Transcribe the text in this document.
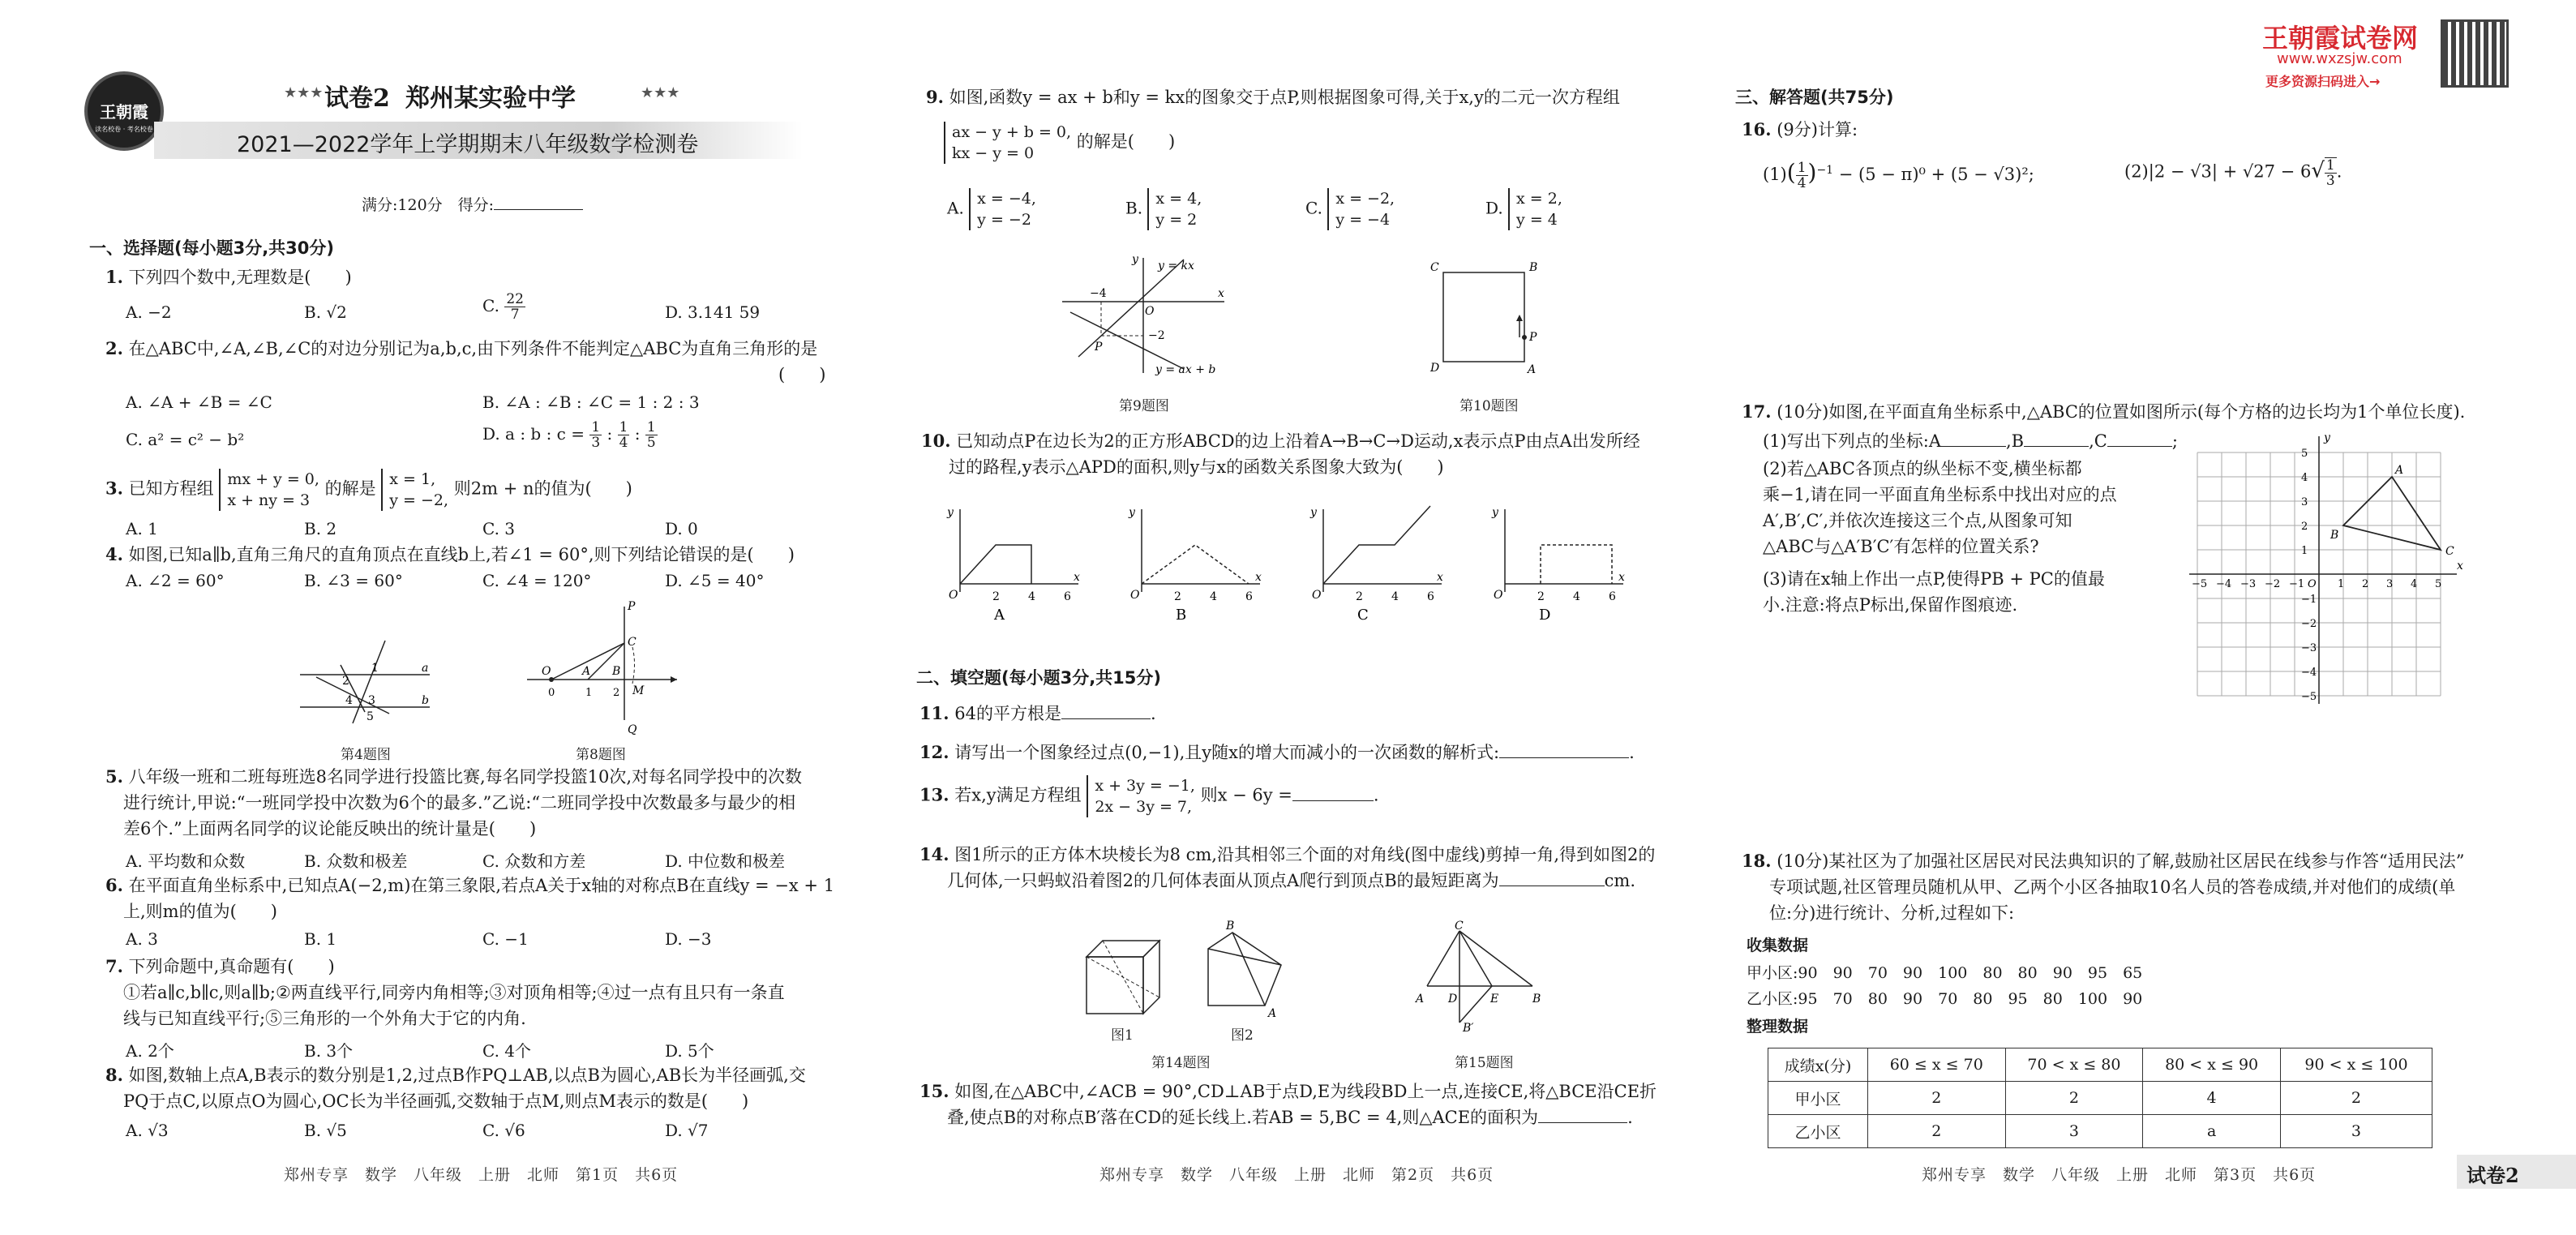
王朝霞
读名校卷 · 考名校卷
★★★ 试卷2 郑州某实验中学	★★★
2021—2022学年上学期期末八年级数学检测卷
满分:120分　得分:
一、选择题(每小题3分,共30分)
1. 下列四个数中,无理数是(　　)
A. −2	B. √2	C. $\frac{22}{7}$	D. 3.141 59
2. 在△ABC中,∠A,∠B,∠C的对边分别记为a,b,c,由下列条件不能判定△ABC为直角三角形的是
(　　)
A. ∠A + ∠B = ∠C	B. ∠A : ∠B : ∠C = 1 : 2 : 3
C. a² = c² − b²	D. a : b : $c = \frac{1}{3}$ : $\frac{1}{4}$ : $\frac{1}{5}$
3. 已知方程组 mx + y = 0,
x + ny = 3 的解是 x = 1,
y = −2, 则2m + n的值为(　　)
A. 1	B. 2	C. 3	D. 0
4. 如图,已知a∥b,直角三角尺的直角顶点在直线b上,若∠1 = 60°,则下列结论错误的是(　　)
A. ∠2 = 60°	B. ∠3 = 60°	C. ∠4 = 120°	D. ∠5 = 40°
1
2
3
4
5
a
b
第4题图
P
C
A B
O
M
Q
0	1 2
第8题图
5. 八年级一班和二班每班选8名同学进行投篮比赛,每名同学投篮10次,对每名同学投中的次数
进行统计,甲说:“一班同学投中次数为6个的最多.”乙说:“二班同学投中次数最多与最少的相
差6个.”上面两名同学的议论能反映出的统计量是(　　)
A. 平均数和众数	B. 众数和极差	C. 众数和方差	D. 中位数和极差
6. 在平面直角坐标系中,已知点A(−2,m)在第三象限,若点A关于x轴的对称点B在直线y = −x + 1
上,则m的值为(　　)
A. 3	B. 1	C. −1	D. −3
7. 下列命题中,真命题有(　　)
①若a∥c,b∥c,则a∥b;②两直线平行,同旁内角相等;③对顶角相等;④过一点有且只有一条直
线与已知直线平行;⑤三角形的一个外角大于它的内角.
A. 2个	B. 3个	C. 4个	D. 5个
8. 如图,数轴上点A,B表示的数分别是1,2,过点B作PQ⊥AB,以点B为圆心,AB长为半径画弧,交
PQ于点C,以原点O为圆心,OC长为半径画弧,交数轴于点M,则点M表示的数是(　　)
A. √3	B. √5	C. √6	D. √7
郑州专享　数学　八年级　上册　北师　第1页　共6页
9. 如图,函数y = ax + b和y = kx的图象交于点P,则根据图象可得,关于x,y的二元一次方程组
ax − y + b = 0,
kx − y = 0 的解是(　　)
A. x = −4,
y = −2
B. x = 4,
y = 2
C. x = −2,
y = −4
D. x = 2,
y = 4
y = kx
y = ax + b
−4
−2
O
P
x
y
第9题图
C	B
D	A
P
第10题图
10. 已知动点P在边长为2的正方形ABCD的边上沿着A→B→C→D运动,x表示点P由点A出发所经
过的路程,y表示△APD的面积,则y与x的函数关系图象大致为(　　)
2	4	6
O
x
y
A
2	4	6
O
x
y
B
2	4	6
O
x
y
C
2	4	6
O
x
y
D
二、填空题(每小题3分,共15分)
11. 64的平方根是	.
12. 请写出一个图象经过点(0,−1),且y随x的增大而减小的一次函数的解析式:	.
13. 若x,y满足方程组 x + 3y = −1,
2x − 3y = 7, 则x − 6y =	.
14. 图1所示的正方体木块棱长为8 cm,沿其相邻三个面的对角线(图中虚线)剪掉一角,得到如图2的
几何体,一只蚂蚁沿着图2的几何体表面从顶点A爬行到顶点B的最短距离为	cm.
图1
B
A
图2
第14题图
C
A D	E	B
B′
第15题图
15. 如图,在△ABC中,∠ACB = 90°,CD⊥AB于点D,E为线段BD上一点,连接CE,将△BCE沿CE折
叠,使点B的对称点B′落在CD的延长线上.若AB = 5,BC = 4,则△ACE的面积为	.
郑州专享　数学　八年级　上册　北师　第2页　共6页
王朝霞试卷网
www.wxzsjw.com
更多资源扫码进入→
三、解答题(共75分)
16. (9分)计算:
$(1)( \frac{1}{4} )^{-1} - (5 - \pi)^0 + (5 - √3)^2$;	$(2)|2 - √3| + √27 - 6√ \frac{1}{3}$ .
17. (10分)如图,在平面直角坐标系中,△ABC的位置如图所示(每个方格的边长均为1个单位长度).
(1)写出下列点的坐标:A	,B	,C	;
(2)若△ABC各顶点的纵坐标不变,横坐标都
乘−1,请在同一平面直角坐标系中找出对应的点
A′,B′,C′,并依次连接这三个点,从图象可知
△ABC与△A′B′C′有怎样的位置关系?
(3)请在x轴上作出一点P,使得PB + PC的值最
小.注意:将点P标出,保留作图痕迹.
x
y
O
−5 −4 −3 −2 −1	1 2 3 4 5
5
4
3
2
1
−1
−2
−3
−4
−5
A
B
C
18. (10分)某社区为了加强社区居民对民法典知识的了解,鼓励社区居民在线参与作答“适用民法”
专项试题,社区管理员随机从甲、乙两个小区各抽取10名人员的答卷成绩,并对他们的成绩(单
位:分)进行统计、分析,过程如下:
收集数据
甲小区:90　90　70　90　100　80　80　90　95　65
乙小区:95　70　80　90　70　80　95　80　100　90
整理数据
成绩x(分)	60 ≤ x ≤ 70	70 < x ≤ 80	80 < x ≤ 90	90 < x ≤ 100
甲小区	2	2	4	2
乙小区	2	3	a	3
郑州专享　数学　八年级　上册　北师　第3页　共6页	试卷2
